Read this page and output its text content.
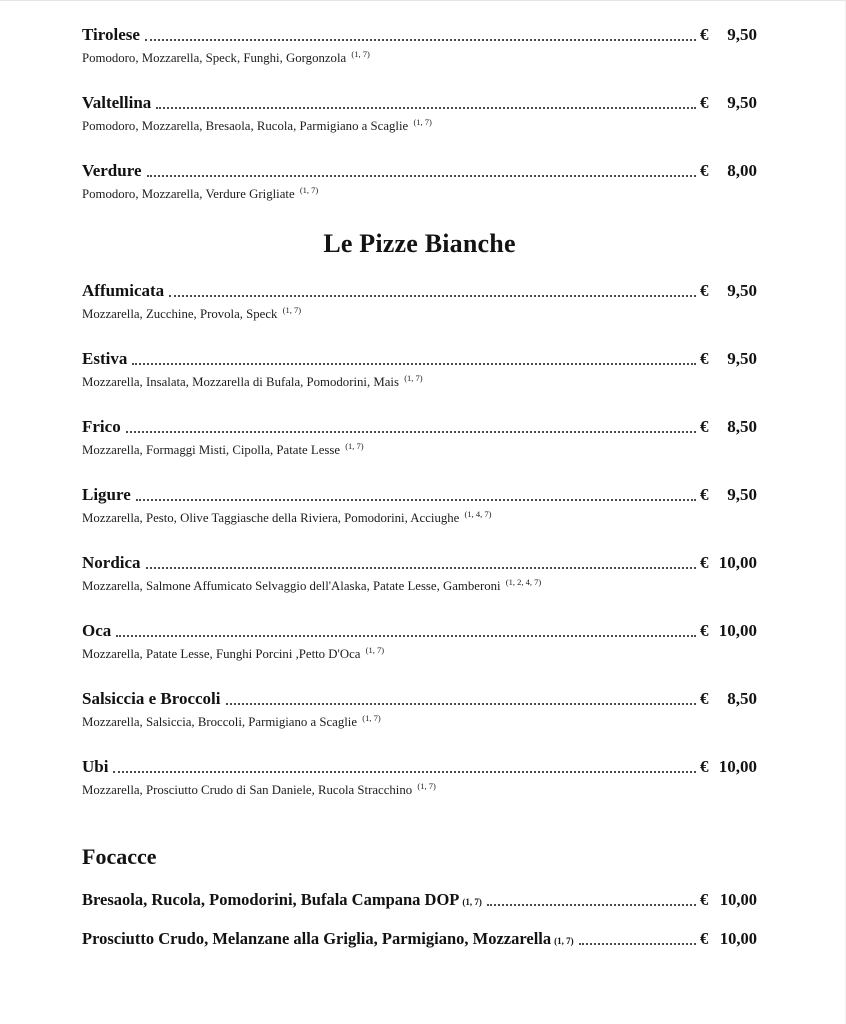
Tirolese	€ 9,50
Pomodoro, Mozzarella, Speck, Funghi, Gorgonzola $^{(1, 7)}$
Valtellina	€ 9,50
Pomodoro, Mozzarella, Bresaola, Rucola, Parmigiano a Scaglie $^{(1, 7)}$
Verdure	€ 8,00
Pomodoro, Mozzarella, Verdure Grigliate $^{(1, 7)}$
Le Pizze Bianche
Affumicata	€ 9,50
Mozzarella, Zucchine, Provola, Speck $^{(1, 7)}$
Estiva	€ 9,50
Mozzarella, Insalata, Mozzarella di Bufala, Pomodorini, Mais $^{(1, 7)}$
Frico	€ 8,50
Mozzarella, Formaggi Misti, Cipolla, Patate Lesse $^{(1, 7)}$
Ligure	€ 9,50
Mozzarella, Pesto, Olive Taggiasche della Riviera, Pomodorini, Acciughe $^{(1, 4, 7)}$
Nordica	€ 10,00
Mozzarella, Salmone Affumicato Selvaggio dell'Alaska, Patate Lesse, Gamberoni $^{(1, 2, 4, 7)}$
Oca	€ 10,00
Mozzarella, Patate Lesse, Funghi Porcini ,Petto D'Oca $^{(1, 7)}$
Salsiccia e Broccoli	€ 8,50
Mozzarella, Salsiccia, Broccoli, Parmigiano a Scaglie $^{(1, 7)}$
Ubi	€ 10,00
Mozzarella, Prosciutto Crudo di San Daniele, Rucola Stracchino $^{(1, 7)}$
Focacce
Bresaola, Rucola, Pomodorini, Bufala Campana DOP (1, 7)	€ 10,00
Prosciutto Crudo, Melanzane alla Griglia, Parmigiano, Mozzarella (1, 7)	€ 10,00
